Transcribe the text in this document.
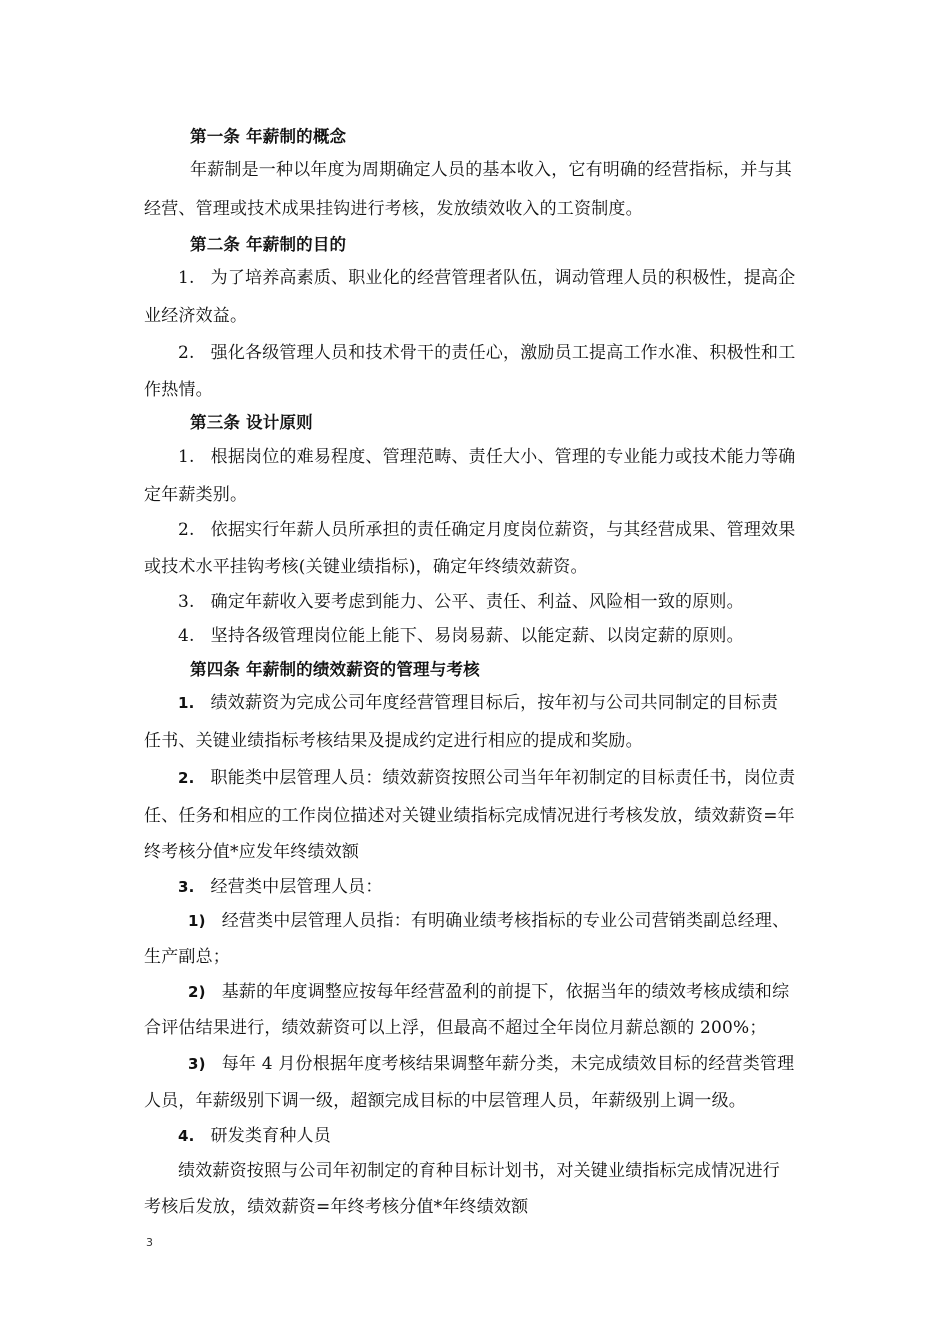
第一条 年薪制的概念
年薪制是一种以年度为周期确定人员的基本收入，它有明确的经营指标，并与其
经营、管理或技术成果挂钩进行考核，发放绩效收入的工资制度。
第二条 年薪制的目的
1. 为了培养高素质、职业化的经营管理者队伍，调动管理人员的积极性，提高企
业经济效益。
2. 强化各级管理人员和技术骨干的责任心，激励员工提高工作水准、积极性和工
作热情。
第三条 设计原则
1. 根据岗位的难易程度、管理范畴、责任大小、管理的专业能力或技术能力等确
定年薪类别。
2. 依据实行年薪人员所承担的责任确定月度岗位薪资，与其经营成果、管理效果
或技术水平挂钩考核(关键业绩指标)，确定年终绩效薪资。
3. 确定年薪收入要考虑到能力、公平、责任、利益、风险相一致的原则。
4. 坚持各级管理岗位能上能下、易岗易薪、以能定薪、以岗定薪的原则。
第四条 年薪制的绩效薪资的管理与考核
1. 绩效薪资为完成公司年度经营管理目标后，按年初与公司共同制定的目标责
任书、关键业绩指标考核结果及提成约定进行相应的提成和奖励。
2. 职能类中层管理人员：绩效薪资按照公司当年年初制定的目标责任书，岗位责
任、任务和相应的工作岗位描述对关键业绩指标完成情况进行考核发放，绩效薪资=年
终考核分值*应发年终绩效额
3. 经营类中层管理人员：
1) 经营类中层管理人员指：有明确业绩考核指标的专业公司营销类副总经理、
生产副总；
2) 基薪的年度调整应按每年经营盈利的前提下，依据当年的绩效考核成绩和综
合评估结果进行，绩效薪资可以上浮，但最高不超过全年岗位月薪总额的 200%；
3) 每年 4 月份根据年度考核结果调整年薪分类，未完成绩效目标的经营类管理
人员，年薪级别下调一级，超额完成目标的中层管理人员，年薪级别上调一级。
4. 研发类育种人员
绩效薪资按照与公司年初制定的育种目标计划书，对关键业绩指标完成情况进行
考核后发放，绩效薪资=年终考核分值*年终绩效额
3
